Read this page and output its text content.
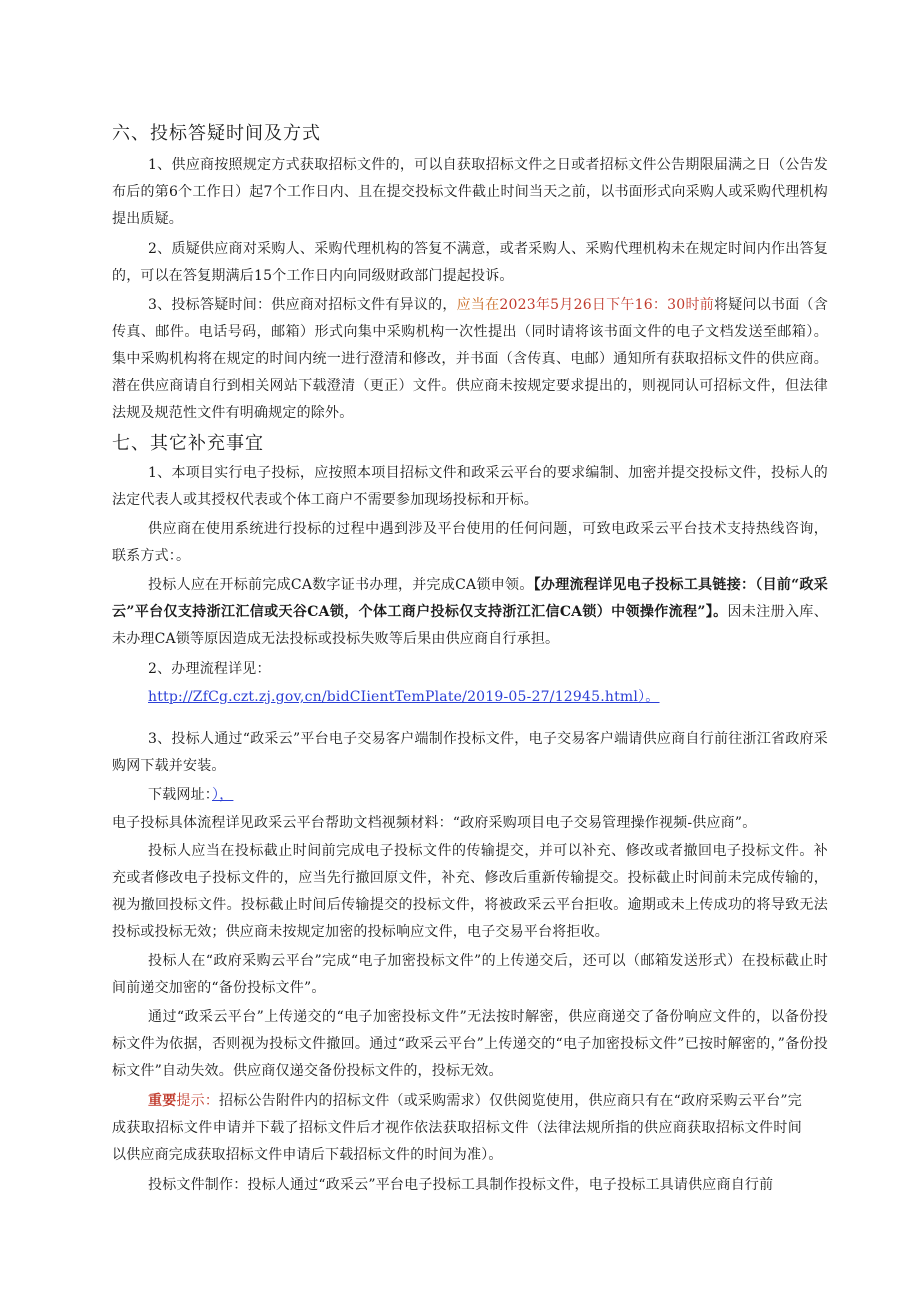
六、投标答疑时间及方式
1、供应商按照规定方式获取招标文件的，可以自获取招标文件之日或者招标文件公告期限届满之日（公告发布后的第6个工作日）起7个工作日内、且在提交投标文件截止时间当天之前，以书面形式向采购人或采购代理机构提出质疑。
2、质疑供应商对采购人、采购代理机构的答复不满意，或者采购人、采购代理机构未在规定时间内作出答复的，可以在答复期满后15个工作日内向同级财政部门提起投诉。
3、投标答疑时间：供应商对招标文件有异议的，应当在2023年5月26日下午16：30时前将疑问以书面（含传真、邮件。电话号码，邮箱）形式向集中采购机构一次性提出（同时请将该书面文件的电子文档发送至邮箱）。集中采购机构将在规定的时间内统一进行澄清和修改，并书面（含传真、电邮）通知所有获取招标文件的供应商。潜在供应商请自行到相关网站下载澄清（更正）文件。供应商未按规定要求提出的，则视同认可招标文件，但法律法规及规范性文件有明确规定的除外。
七、其它补充事宜
1、本项目实行电子投标，应按照本项目招标文件和政采云平台的要求编制、加密并提交投标文件，投标人的法定代表人或其授权代表或个体工商户不需要参加现场投标和开标。
供应商在使用系统进行投标的过程中遇到涉及平台使用的任何问题，可致电政采云平台技术支持热线咨询，联系方式：。
投标人应在开标前完成CA数字证书办理，并完成CA锁申领。【办理流程详见电子投标工具链接：（目前“政采云”平台仅支持浙江汇信或天谷CA锁，个体工商户投标仅支持浙江汇信CA锁）中领操作流程”】。因未注册入库、未办理CA锁等原因造成无法投标或投标失败等后果由供应商自行承担。
2、办理流程详见：
http://ZfCg.czt.zj.gov,cn/bidCIientTemPlate/2019-05-27/12945.html）。
3、投标人通过“政采云”平台电子交易客户端制作投标文件，电子交易客户端请供应商自行前往浙江省政府采购网下载并安装。
下载网址：），
电子投标具体流程详见政采云平台帮助文档视频材料：“政府采购项目电子交易管理操作视频-供应商”。
投标人应当在投标截止时间前完成电子投标文件的传输提交，并可以补充、修改或者撤回电子投标文件。补充或者修改电子投标文件的，应当先行撤回原文件，补充、修改后重新传输提交。投标截止时间前未完成传输的，视为撤回投标文件。投标截止时间后传输提交的投标文件，将被政采云平台拒收。逾期或未上传成功的将导致无法投标或投标无效；供应商未按规定加密的投标响应文件，电子交易平台将拒收。
投标人在“政府采购云平台”完成“电子加密投标文件”的上传递交后，还可以（邮箱发送形式）在投标截止时间前递交加密的“备份投标文件”。
通过“政采云平台”上传递交的“电子加密投标文件”无法按时解密，供应商递交了备份响应文件的，以备份投标文件为依据，否则视为投标文件撤回。通过“政采云平台”上传递交的“电子加密投标文件”已按时解密的，”备份投标文件”自动失效。供应商仅递交备份投标文件的，投标无效。
重要提示：招标公告附件内的招标文件（或采购需求）仅供阅览使用，供应商只有在“政府采购云平台”完成获取招标文件申请并下载了招标文件后才视作依法获取招标文件（法律法规所指的供应商获取招标文件时间以供应商完成获取招标文件申请后下载招标文件的时间为准）。
投标文件制作：投标人通过“政采云”平台电子投标工具制作投标文件，电子投标工具请供应商自行前
